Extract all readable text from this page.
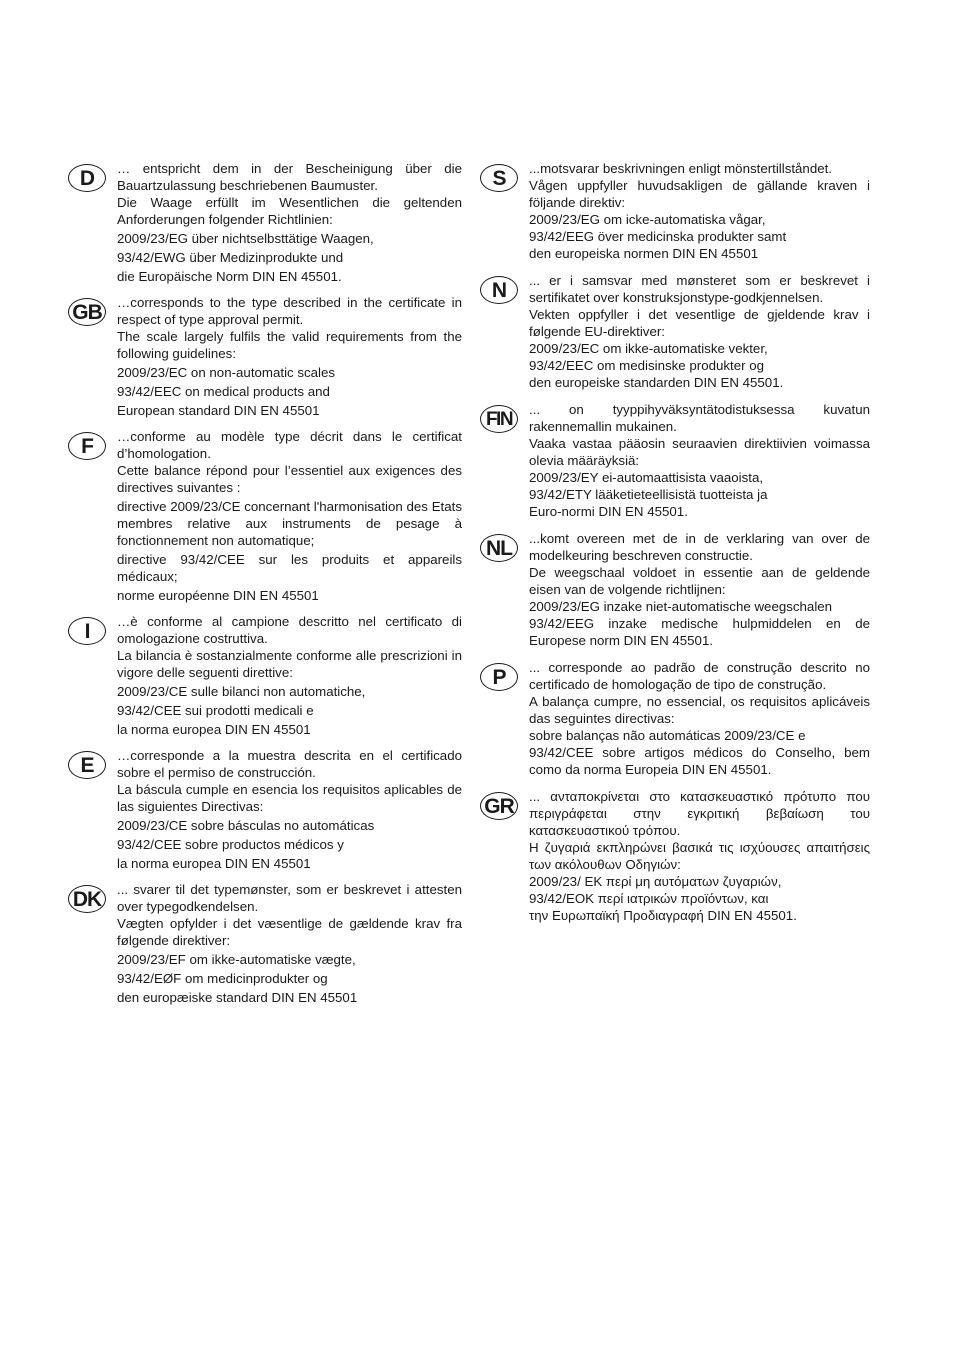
D	… entspricht dem in der Bescheinigung über die Bauartzulassung beschriebenen Baumuster.

Die Waage erfüllt im Wesentlichen die geltenden Anforderungen folgender Richtlinien:

2009/23/EG über nichtselbsttätige Waagen,

93/42/EWG über Medizinprodukte und

die Europäische Norm DIN EN 45501.

GB	…corresponds to the type described in the certificate in respect of type approval permit.

The scale largely fulfils the valid requirements from the following guidelines:

2009/23/EC on non-automatic scales

93/42/EEC on medical products and

European standard DIN EN 45501

F	…conforme au modèle type décrit dans le certificat d’homologation.

Cette balance répond pour l’essentiel aux exigences des directives suivantes :

directive 2009/23/CE concernant l'harmonisation des Etats membres relative aux instruments de pesage à fonctionnement non automatique;

directive 93/42/CEE sur les produits et appareils médicaux;

norme européenne DIN EN 45501

I	…è conforme al campione descritto nel certificato di omologazione costruttiva.

La bilancia è sostanzialmente conforme alle prescrizioni in vigore delle seguenti direttive:

2009/23/CE sulle bilanci non automatiche,

93/42/CEE sui prodotti medicali e

la norma europea DIN EN 45501

E	…corresponde a la muestra descrita en el certificado sobre el permiso de construcción.

La báscula cumple en esencia los requisitos aplicables de las siguientes Directivas:

2009/23/CE sobre básculas no automáticas

93/42/CEE sobre productos médicos y

la norma europea DIN EN 45501

DK	... svarer til det typemønster, som er beskrevet i attesten over typegodkendelsen.

Vægten opfylder i det væsentlige de gældende krav fra følgende direktiver:

2009/23/EF om ikke-automatiske vægte,

93/42/EØF om medicinprodukter og

den europæiske standard DIN EN 45501

S	...motsvarar beskrivningen enligt mönstertillståndet.

Vågen uppfyller huvudsakligen de gällande kraven i följande direktiv:

2009/23/EG om icke-automatiska vågar,

93/42/EEG över medicinska produkter samt

den europeiska normen DIN EN 45501

N	... er i samsvar med mønsteret som er beskrevet i sertifikatet over konstruksjonstype-godkjennelsen.

Vekten oppfyller i det vesentlige de gjeldende krav i følgende EU-direktiver:

2009/23/EC om ikke-automatiske vekter,

93/42/EEC om medisinske produkter og

den europeiske standarden DIN EN 45501.

FIN	... on tyyppihyväksyntätodistuksessa kuvatun rakennemallin mukainen.

Vaaka vastaa pääosin seuraavien direktiivien voimassa olevia määräyksiä:

2009/23/EY ei-automaattisista vaaoista,

93/42/ETY lääketieteellisistä tuotteista ja

Euro-normi DIN EN 45501.

NL	...komt overeen met de in de verklaring van over de modelkeuring beschreven constructie.

De weegschaal voldoet in essentie aan de geldende eisen van de volgende richtlijnen:

2009/23/EG inzake niet-automatische weegschalen

93/42/EEG inzake medische hulpmiddelen en de Europese norm DIN EN 45501.

P	... corresponde ao padrão de construção descrito no certificado de homologação de tipo de construção.

A balança cumpre, no essencial, os requisitos aplicáveis das seguintes directivas:

sobre balanças não automáticas 2009/23/CE e

93/42/CEE sobre artigos médicos do Conselho, bem como da norma Europeia DIN EN 45501.

GR	... ανταποκρίνεται στο κατασκευαστικό πρότυπο που περιγράφεται στην εγκριτική βεβαίωση του κατασκευαστικού τρόπου.

Η ζυγαριά εκπληρώνει βασικά τις ισχύουσες απαιτήσεις των ακόλουθων Οδηγιών:

2009/23/ ΕΚ περί μη αυτόματων ζυγαριών,

93/42/ΕΟΚ περί ιατρικών προϊόντων, και

την Ευρωπαϊκή Προδιαγραφή DIN EN 45501.
